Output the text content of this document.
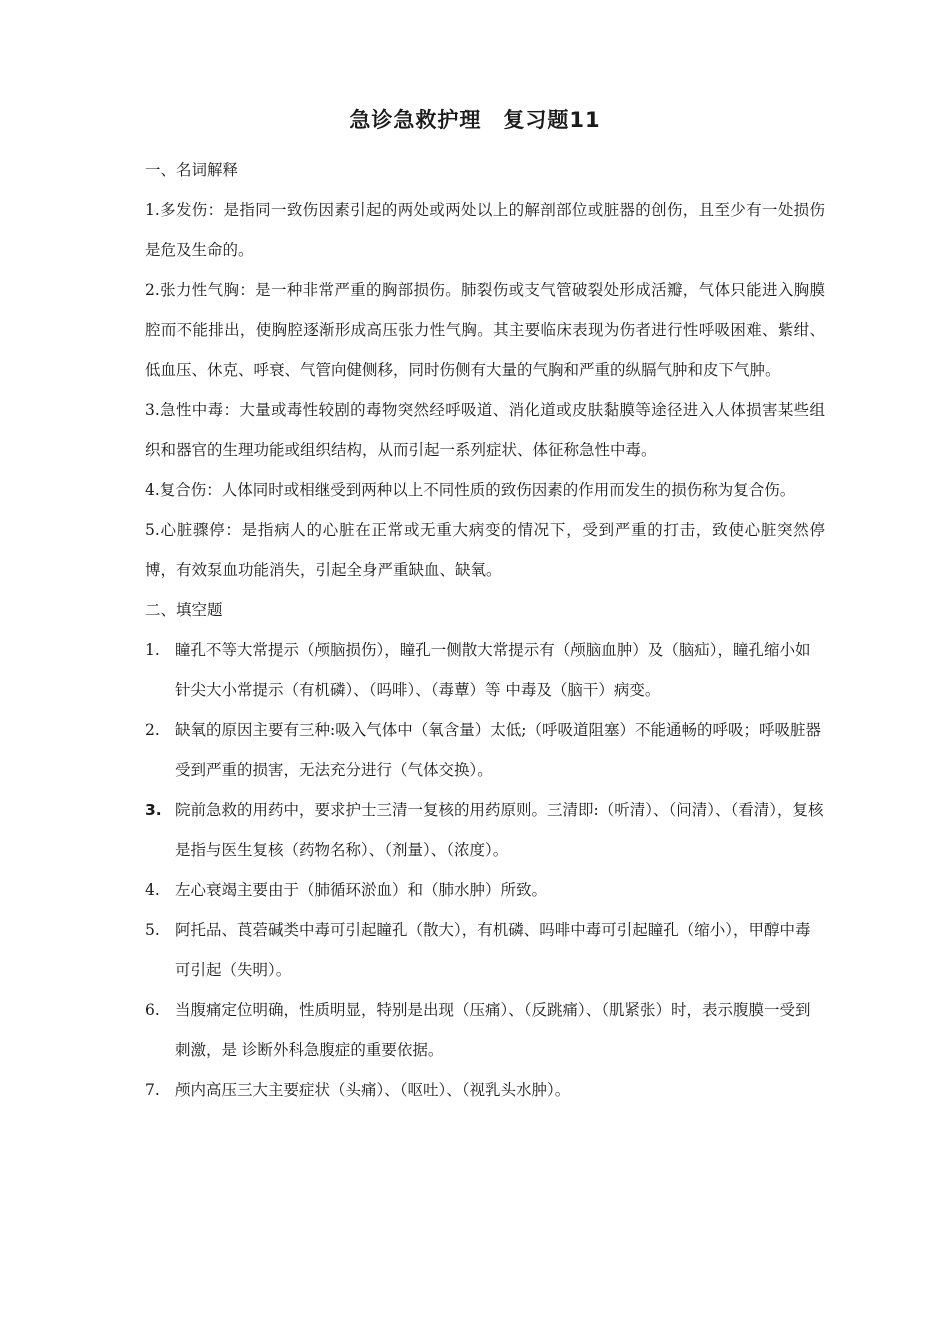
急诊急救护理　复习题11

一、名词解释

1.多发伤：是指同一致伤因素引起的两处或两处以上的解剖部位或脏器的创伤，且至少有一处损伤是危及生命的。

2.张力性气胸：是一种非常严重的胸部损伤。肺裂伤或支气管破裂处形成活瓣，气体只能进入胸膜腔而不能排出，使胸腔逐渐形成高压张力性气胸。其主要临床表现为伤者进行性呼吸困难、紫绀、低血压、休克、呼衰、气管向健侧移，同时伤侧有大量的气胸和严重的纵膈气肿和皮下气肿。

3.急性中毒：大量或毒性较剧的毒物突然经呼吸道、消化道或皮肤黏膜等途径进入人体损害某些组织和器官的生理功能或组织结构，从而引起一系列症状、体征称急性中毒。

4.复合伤：人体同时或相继受到两种以上不同性质的致伤因素的作用而发生的损伤称为复合伤。

5.心脏骤停：是指病人的心脏在正常或无重大病变的情况下，受到严重的打击，致使心脏突然停博，有效泵血功能消失，引起全身严重缺血、缺氧。

二、填空题

1. 瞳孔不等大常提示（颅脑损伤），瞳孔一侧散大常提示有（颅脑血肿）及（脑疝），瞳孔缩小如 针尖大小常提示（有机磷）、（吗啡）、（毒蕈）等 中毒及（脑干）病变。
2. 缺氧的原因主要有三种:吸入气体中（氧含量）太低;（呼吸道阻塞）不能通畅的呼吸；呼吸脏器受到严重的损害，无法充分进行（气体交换）。
3. 院前急救的用药中，要求护士三清一复核的用药原则。三清即:（听清）、（问清）、（看清），复核是指与医生复核（药物名称）、（剂量）、（浓度）。
4. 左心衰竭主要由于（肺循环淤血）和（肺水肿）所致。
5. 阿托品、莨菪碱类中毒可引起瞳孔（散大），有机磷、吗啡中毒可引起瞳孔（缩小），甲醇中毒可引起（失明）。
6. 当腹痛定位明确，性质明显，特别是出现（压痛）、（反跳痛）、（肌紧张）时，表示腹膜一受到刺激，是 诊断外科急腹症的重要依据。
7. 颅内高压三大主要症状（头痛）、（呕吐）、（视乳头水肿）。
